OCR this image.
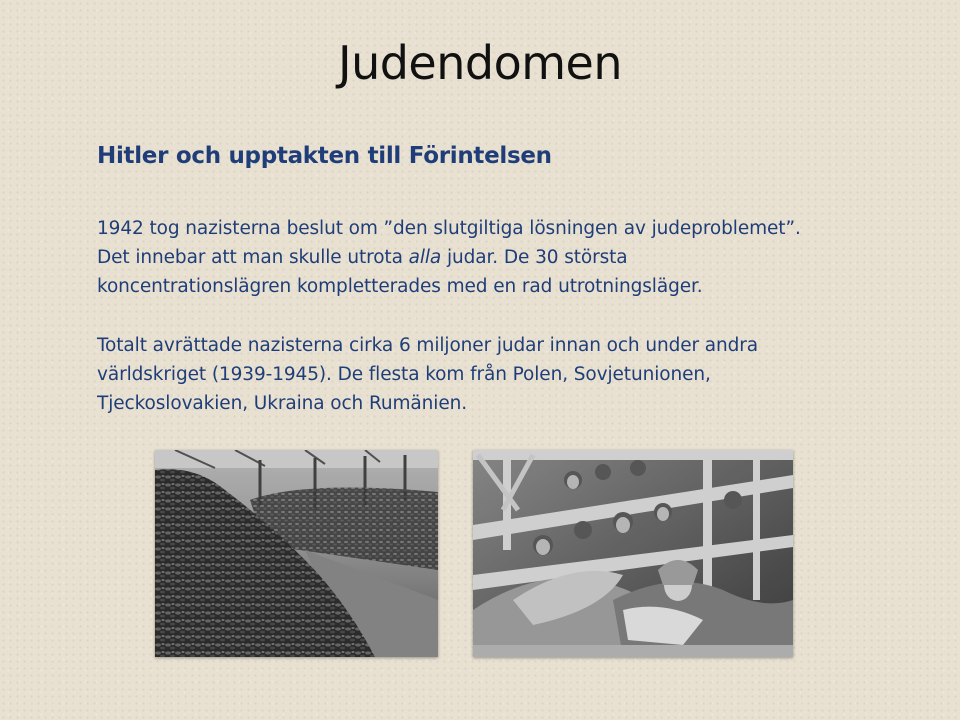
Judendomen
Hitler och upptakten till Förintelsen
1942 tog nazisterna beslut om ”den slutgiltiga lösningen av judeproblemet”. Det innebar att man skulle utrota alla judar. De 30 största koncentrationslägren kompletterades med en rad utrotningsläger.
Totalt avrättade nazisterna cirka 6 miljoner judar innan och under andra världskriget (1939-1945). De flesta kom från Polen, Sovjetunionen, Tjeckoslovakien, Ukraina och Rumänien.
